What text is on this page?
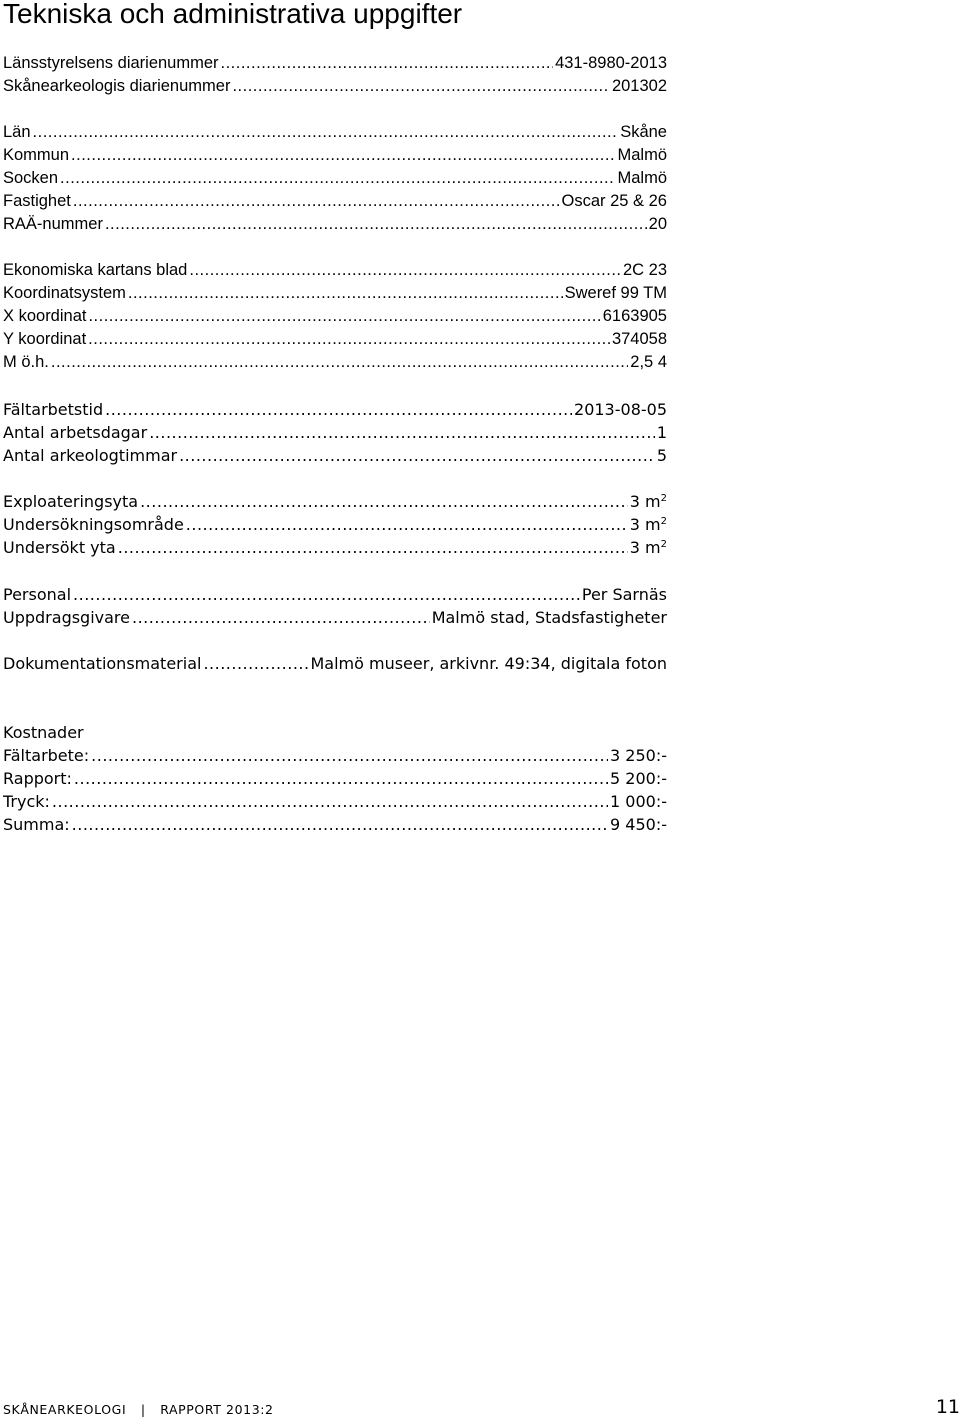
Tekniska och administrativa uppgifter
Länsstyrelsens diarienummer .....	431-8980-2013
Skånearkeologis diarienummer .....	201302
Län .....	Skåne
Kommun .....	Malmö
Socken .....	Malmö
Fastighet .....	Oscar 25 & 26
RAÄ-nummer .....	20
Ekonomiska kartans blad .....	2C 23
Koordinatsystem .....	Sweref 99 TM
X koordinat .....	6163905
Y koordinat .....	374058
M ö.h. .....	2,5 4
Fältarbetstid .....	2013-08-05
Antal arbetsdagar .....	1
Antal arkeologtimmar .....	5
Exploateringsyta .....	3 $m^2$
Undersökningsområde .....	3 $m^2$
Undersökt yta .....	3 $m^2$
Personal .....	Per Sarnäs
Uppdragsgivare .....	Malmö stad, Stadsfastigheter
Dokumentationsmaterial .....	Malmö museer, arkivnr. 49:34, digitala foton
Kostnader
Fältarbete: .....	3 250:-
Rapport: .....	5 200:-
Tryck: .....	1 000:-
Summa: .....	9 450:-
SKÅNEARKEOLOGI | RAPPORT 2013:2	11
